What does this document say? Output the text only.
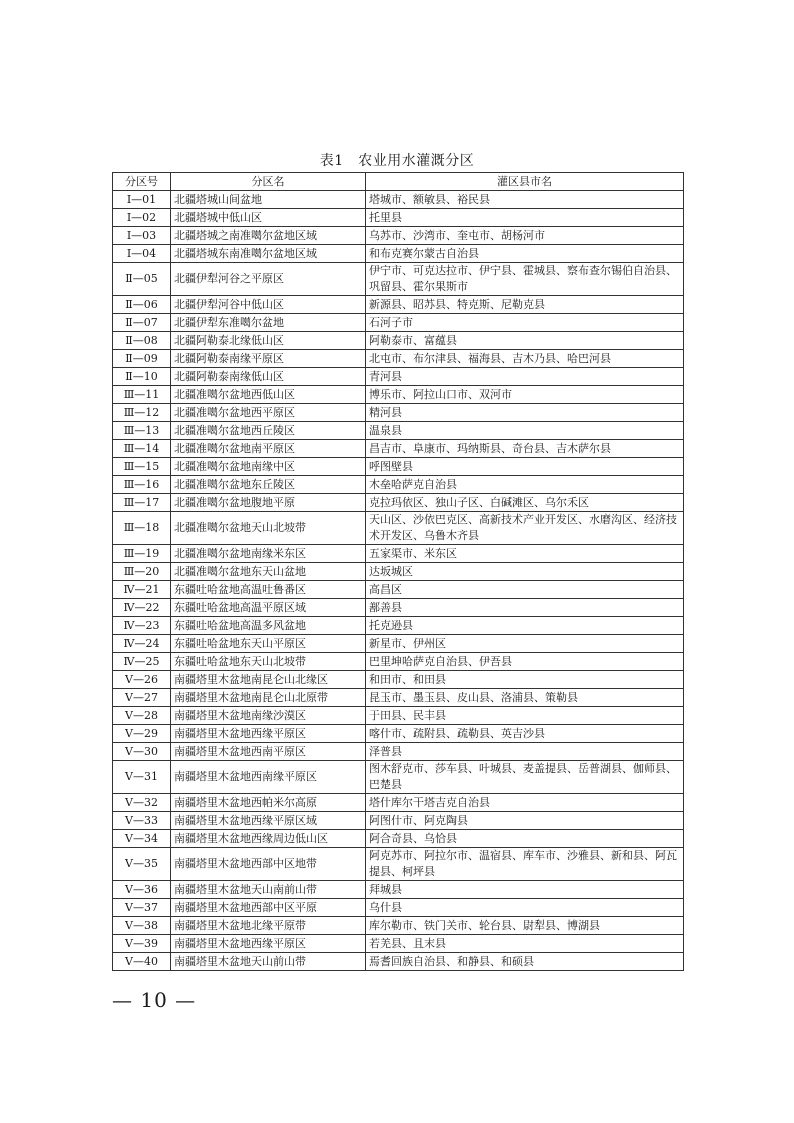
表1　农业用水灌溉分区
分区号	分区名	灌区县市名
Ⅰ—01	北疆塔城山间盆地	塔城市、额敏县、裕民县
Ⅰ—02	北疆塔城中低山区	托里县
Ⅰ—03	北疆塔城之南准噶尔盆地区域	乌苏市、沙湾市、奎屯市、胡杨河市
Ⅰ—04	北疆塔城东南准噶尔盆地区域	和布克赛尔蒙古自治县
Ⅱ—05	北疆伊犁河谷之平原区	伊宁市、可克达拉市、伊宁县、霍城县、察布查尔锡伯自治县、巩留县、霍尔果斯市
Ⅱ—06	北疆伊犁河谷中低山区	新源县、昭苏县、特克斯、尼勒克县
Ⅱ—07	北疆伊犁东准噶尔盆地	石河子市
Ⅱ—08	北疆阿勒泰北缘低山区	阿勒泰市、富蕴县
Ⅱ—09	北疆阿勒泰南缘平原区	北屯市、布尔津县、福海县、吉木乃县、哈巴河县
Ⅱ—10	北疆阿勒泰南缘低山区	青河县
Ⅲ—11	北疆准噶尔盆地西低山区	博乐市、阿拉山口市、双河市
Ⅲ—12	北疆准噶尔盆地西平原区	精河县
Ⅲ—13	北疆准噶尔盆地西丘陵区	温泉县
Ⅲ—14	北疆准噶尔盆地南平原区	昌吉市、阜康市、玛纳斯县、奇台县、吉木萨尔县
Ⅲ—15	北疆准噶尔盆地南缘中区	呼图壁县
Ⅲ—16	北疆准噶尔盆地东丘陵区	木垒哈萨克自治县
Ⅲ—17	北疆准噶尔盆地腹地平原	克拉玛依区、独山子区、白碱滩区、乌尔禾区
Ⅲ—18	北疆准噶尔盆地天山北坡带	天山区、沙依巴克区、高新技术产业开发区、水磨沟区、经济技术开发区、乌鲁木齐县
Ⅲ—19	北疆准噶尔盆地南缘米东区	五家渠市、米东区
Ⅲ—20	北疆准噶尔盆地东天山盆地	达坂城区
Ⅳ—21	东疆吐哈盆地高温吐鲁番区	高昌区
Ⅳ—22	东疆吐哈盆地高温平原区域	鄯善县
Ⅳ—23	东疆吐哈盆地高温多风盆地	托克逊县
Ⅳ—24	东疆吐哈盆地东天山平原区	新星市、伊州区
Ⅳ—25	东疆吐哈盆地东天山北坡带	巴里坤哈萨克自治县、伊吾县
Ⅴ—26	南疆塔里木盆地南昆仑山北缘区	和田市、和田县
Ⅴ—27	南疆塔里木盆地南昆仑山北原带	昆玉市、墨玉县、皮山县、洛浦县、策勒县
Ⅴ—28	南疆塔里木盆地南缘沙漠区	于田县、民丰县
Ⅴ—29	南疆塔里木盆地西缘平原区	喀什市、疏附县、疏勒县、英吉沙县
Ⅴ—30	南疆塔里木盆地西南平原区	泽普县
Ⅴ—31	南疆塔里木盆地西南缘平原区	图木舒克市、莎车县、叶城县、麦盖提县、岳普湖县、伽师县、巴楚县
Ⅴ—32	南疆塔里木盆地西帕米尔高原	塔什库尔干塔吉克自治县
Ⅴ—33	南疆塔里木盆地西缘平原区域	阿图什市、阿克陶县
Ⅴ—34	南疆塔里木盆地西缘周边低山区	阿合奇县、乌恰县
Ⅴ—35	南疆塔里木盆地西部中区地带	阿克苏市、阿拉尔市、温宿县、库车市、沙雅县、新和县、阿瓦提县、柯坪县
Ⅴ—36	南疆塔里木盆地天山南前山带	拜城县
Ⅴ—37	南疆塔里木盆地西部中区平原	乌什县
Ⅴ—38	南疆塔里木盆地北缘平原带	库尔勒市、铁门关市、轮台县、尉犁县、博湖县
Ⅴ—39	南疆塔里木盆地西缘平原区	若羌县、且末县
Ⅴ—40	南疆塔里木盆地天山前山带	焉耆回族自治县、和静县、和硕县
— 10 —
